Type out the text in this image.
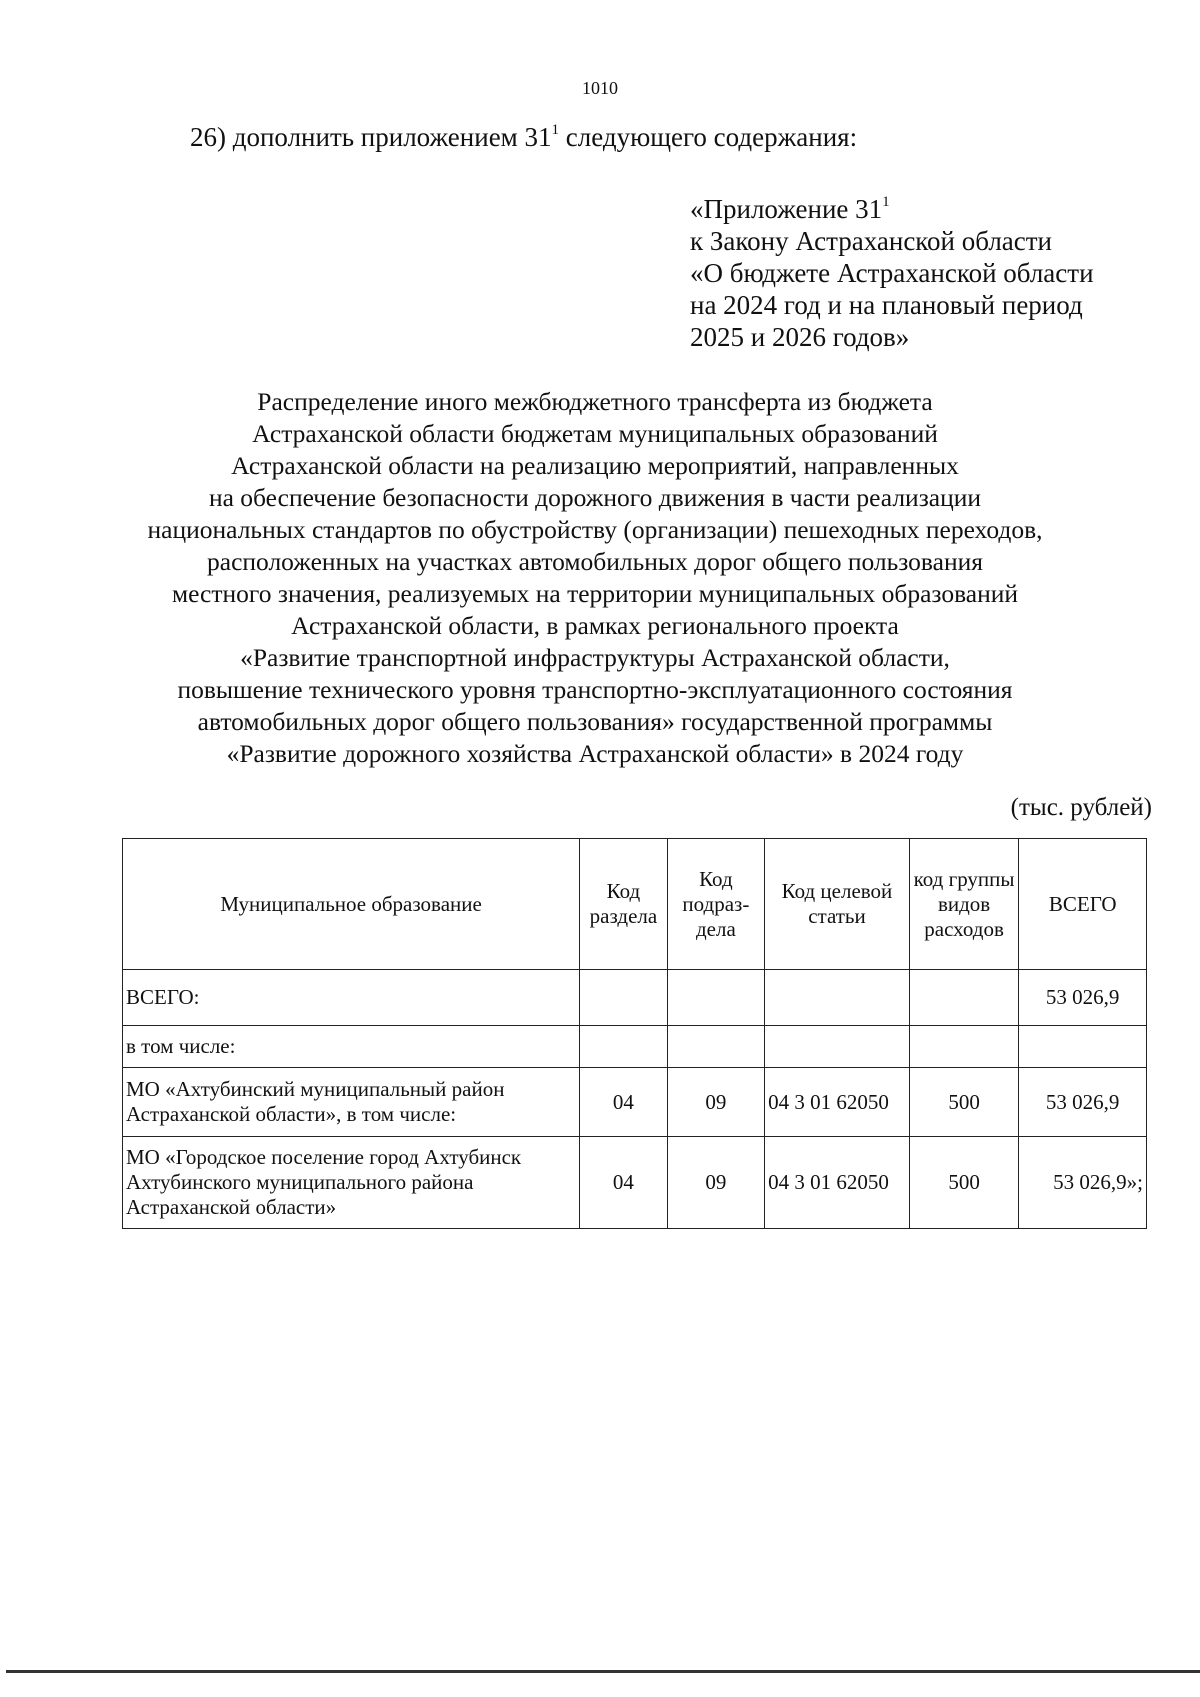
1010
26) дополнить приложением $31^1$ следующего содержания:
«Приложение $31^1$
к Закону Астраханской области
«О бюджете Астраханской области
на 2024 год и на плановый период
2025 и 2026 годов»
Распределение иного межбюджетного трансферта из бюджета
Астраханской области бюджетам муниципальных образований
Астраханской области на реализацию мероприятий, направленных
на обеспечение безопасности дорожного движения в части реализации
национальных стандартов по обустройству (организации) пешеходных переходов,
расположенных на участках автомобильных дорог общего пользования
местного значения, реализуемых на территории муниципальных образований
Астраханской области, в рамках регионального проекта
«Развитие транспортной инфраструктуры Астраханской области,
повышение технического уровня транспортно-эксплуатационного состояния
автомобильных дорог общего пользования» государственной программы
«Развитие дорожного хозяйства Астраханской области» в 2024 году
(тыс. рублей)
Муниципальное образование	Код раздела	Код подраз-дела	Код целевой статьи	код группы видов расходов	ВСЕГО
ВСЕГО:					53 026,9
в том числе:					
МО «Ахтубинский муниципальный район Астраханской области», в том числе:	04	09	04 3 01 62050	500	53 026,9
МО «Городское поселение город Ахтубинск Ахтубинского муниципального района Астраханской области»	04	09	04 3 01 62050	500	53 026,9»;
